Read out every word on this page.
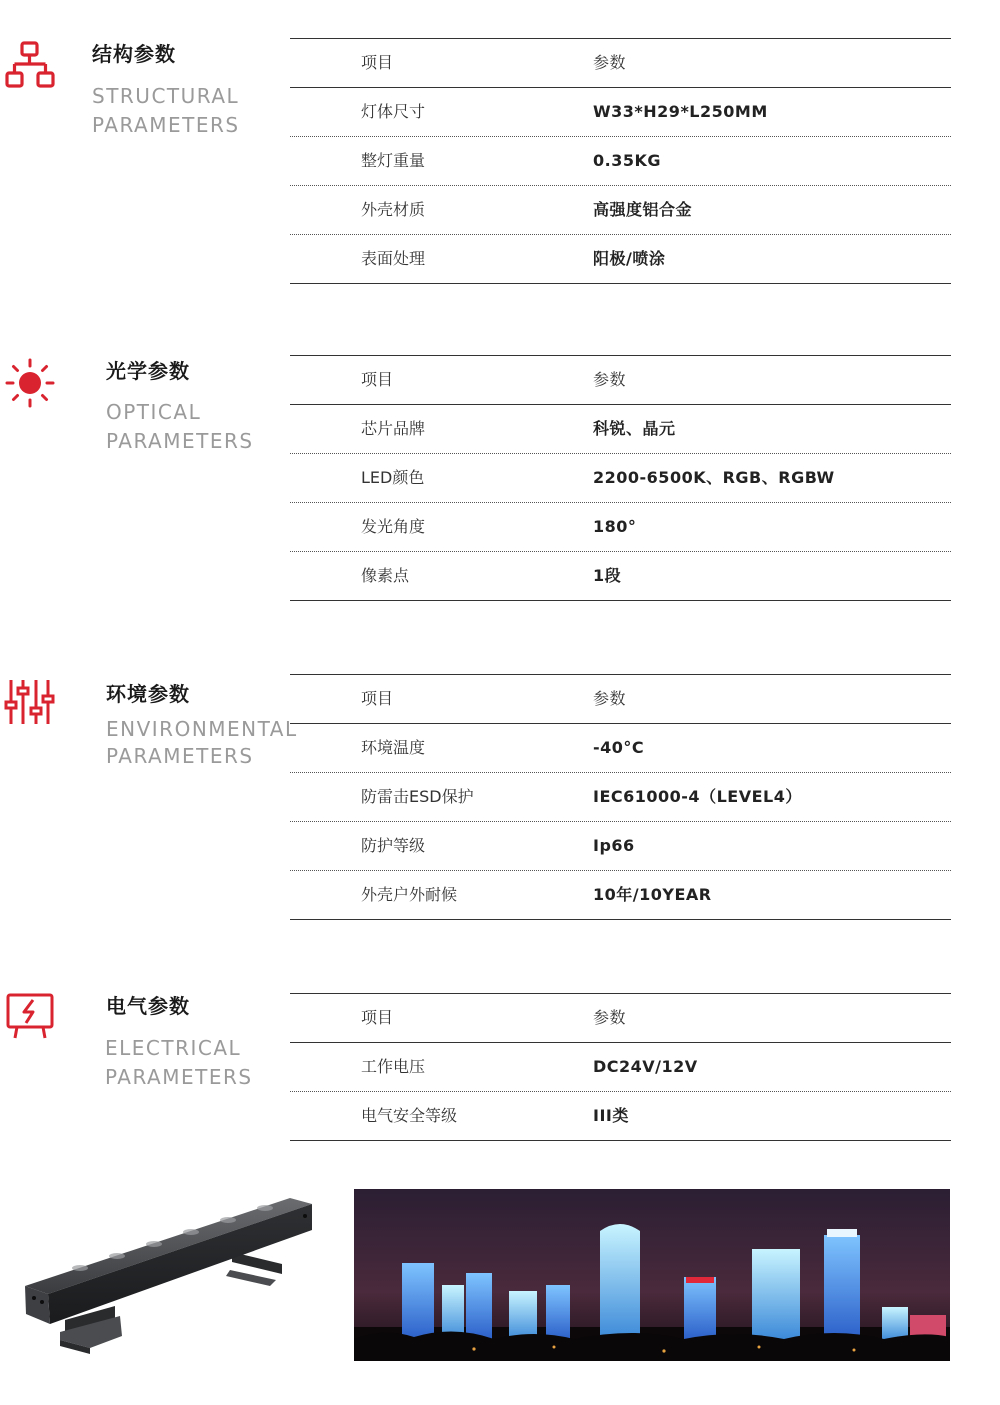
结构参数
STRUCTURAL
PARAMETERS
项目	参数
灯体尺寸	W33*H29*L250MM
整灯重量	0.35KG
外壳材质	高强度铝合金
表面处理	阳极/喷涂
光学参数
OPTICAL
PARAMETERS
项目	参数
芯片品牌	科锐、晶元
LED颜色	2200-6500K、RGB、RGBW
发光角度	180°
像素点	1段
环境参数
ENVIRONMENTAL
PARAMETERS
项目	参数
环境温度	-40°C
防雷击ESD保护	IEC61000-4（LEVEL4）
防护等级	Ip66
外壳户外耐候	10年/10YEAR
电气参数
ELECTRICAL
PARAMETERS
项目	参数
工作电压	DC24V/12V
电气安全等级	III类
